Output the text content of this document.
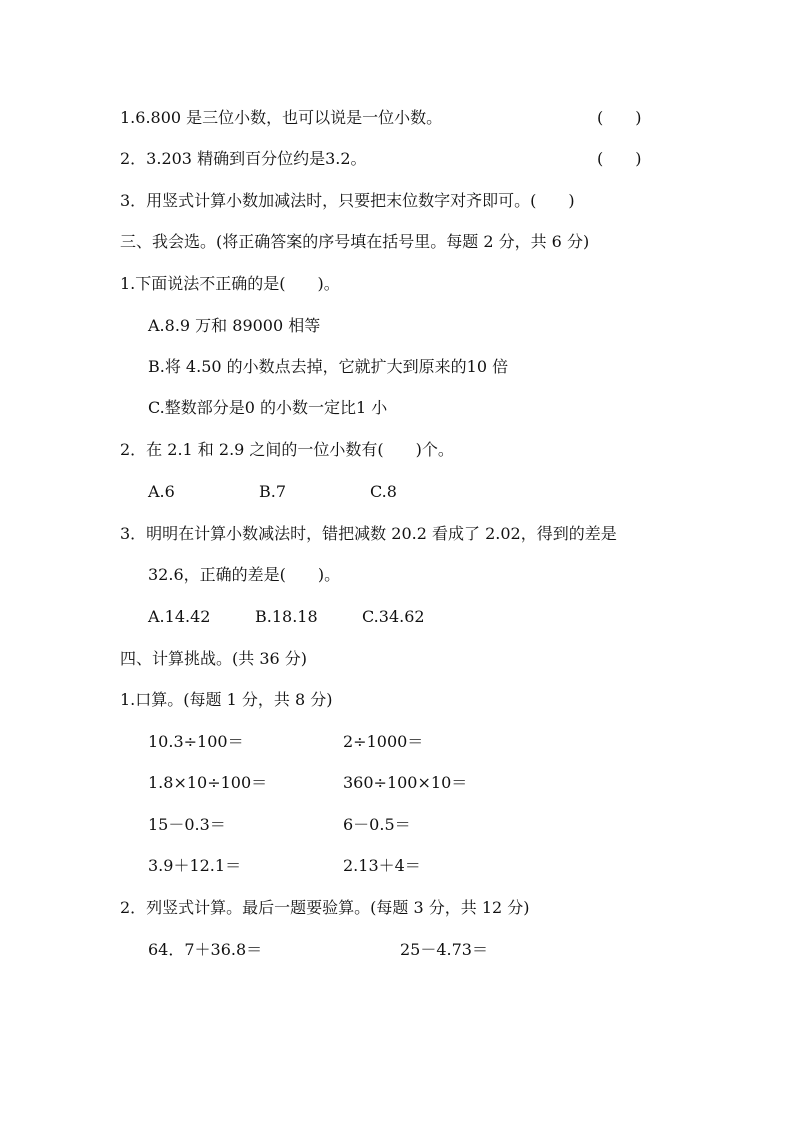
1.6.800 是三位小数，也可以说是一位小数。	(　　)
2．3.203 精确到百分位约是3.2。	(　　)
3．用竖式计算小数加减法时，只要把末位数字对齐即可。(　　)
三、我会选。(将正确答案的序号填在括号里。每题 2 分，共 6 分)
1.下面说法不正确的是(　　)。
A.8.9 万和 89000 相等
B.将 4.50 的小数点去掉，它就扩大到原来的10 倍
C.整数部分是0 的小数一定比1 小
2．在 2.1 和 2.9 之间的一位小数有(　　)个。
A.6	B.7	C.8
3．明明在计算小数减法时，错把减数 20.2 看成了 2.02，得到的差是
32.6，正确的差是(　　)。
A.14.42	B.18.18	C.34.62
四、计算挑战。(共 36 分)
1.口算。(每题 1 分，共 8 分)
10.3÷100＝	2÷1000＝
1.8×10÷100＝	360÷100×10＝
15－0.3＝	6－0.5＝
3.9＋12.1＝	2.13＋4＝
2．列竖式计算。最后一题要验算。(每题 3 分，共 12 分)
64．7＋36.8＝	25－4.73＝
